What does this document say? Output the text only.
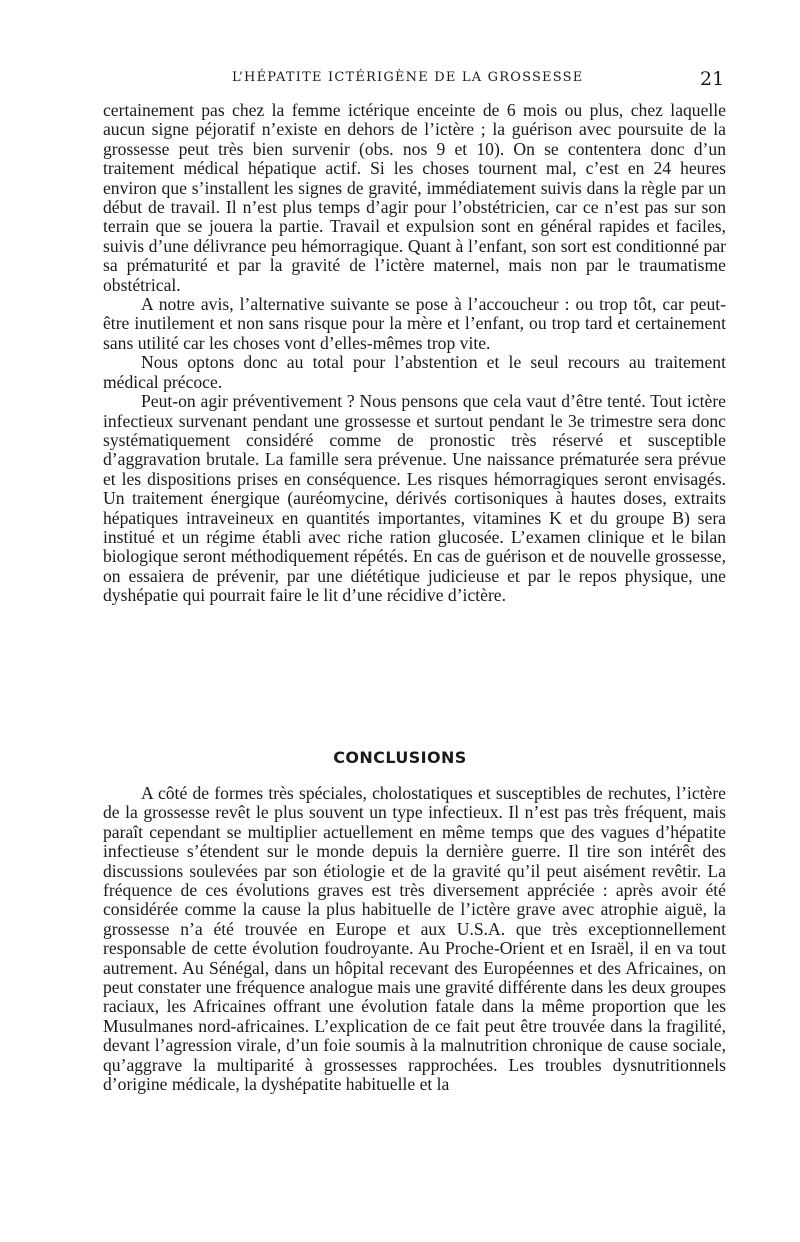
L’HÉPATITE ICTÉRIGÈNE DE LA GROSSESSE	21

certainement pas chez la femme ictérique enceinte de 6 mois ou plus, chez laquelle aucun signe péjoratif n’existe en dehors de l’ictère ; la guérison avec poursuite de la grossesse peut très bien survenir (obs. nos 9 et 10). On se contentera donc d’un traitement médical hépatique actif. Si les choses tournent mal, c’est en 24 heures environ que s’installent les signes de gravité, immédiatement suivis dans la règle par un début de travail. Il n’est plus temps d’agir pour l’obstétricien, car ce n’est pas sur son terrain que se jouera la partie. Travail et expulsion sont en général rapides et faciles, suivis d’une délivrance peu hémorragique. Quant à l’enfant, son sort est conditionné par sa prématurité et par la gravité de l’ictère maternel, mais non par le traumatisme obstétrical.

A notre avis, l’alternative suivante se pose à l’accoucheur : ou trop tôt, car peut-être inutilement et non sans risque pour la mère et l’enfant, ou trop tard et certainement sans utilité car les choses vont d’elles-mêmes trop vite.

Nous optons donc au total pour l’abstention et le seul recours au traitement médical précoce.

Peut-on agir préventivement ? Nous pensons que cela vaut d’être tenté. Tout ictère infectieux survenant pendant une grossesse et surtout pendant le 3e trimestre sera donc systématiquement considéré comme de pronostic très réservé et susceptible d’aggravation brutale. La famille sera prévenue. Une naissance prématurée sera prévue et les dispositions prises en conséquence. Les risques hémorragiques seront envisagés. Un traitement énergique (auréomycine, dérivés cortisoniques à hautes doses, extraits hépatiques intraveineux en quantités importantes, vitamines K et du groupe B) sera institué et un régime établi avec riche ration glucosée. L’examen clinique et le bilan biologique seront méthodiquement répétés. En cas de guérison et de nouvelle grossesse, on essaiera de prévenir, par une diététique judicieuse et par le repos physique, une dyshépatie qui pourrait faire le lit d’une récidive d’ictère.

CONCLUSIONS

A côté de formes très spéciales, cholostatiques et susceptibles de rechutes, l’ictère de la grossesse revêt le plus souvent un type infectieux. Il n’est pas très fréquent, mais paraît cependant se multiplier actuellement en même temps que des vagues d’hépatite infectieuse s’étendent sur le monde depuis la dernière guerre. Il tire son intérêt des discussions soulevées par son étiologie et de la gravité qu’il peut aisément revêtir. La fréquence de ces évolutions graves est très diversement appréciée : après avoir été considérée comme la cause la plus habituelle de l’ictère grave avec atrophie aiguë, la grossesse n’a été trouvée en Europe et aux U.S.A. que très exceptionnellement responsable de cette évolution foudroyante. Au Proche-Orient et en Israël, il en va tout autrement. Au Sénégal, dans un hôpital recevant des Européennes et des Africaines, on peut constater une fréquence analogue mais une gravité différente dans les deux groupes raciaux, les Africaines offrant une évolution fatale dans la même proportion que les Musulmanes nord-africaines. L’explication de ce fait peut être trouvée dans la fragilité, devant l’agression virale, d’un foie soumis à la malnutrition chronique de cause sociale, qu’aggrave la multiparité à grossesses rapprochées. Les troubles dysnutritionnels d’origine médicale, la dyshépatite habituelle et la
